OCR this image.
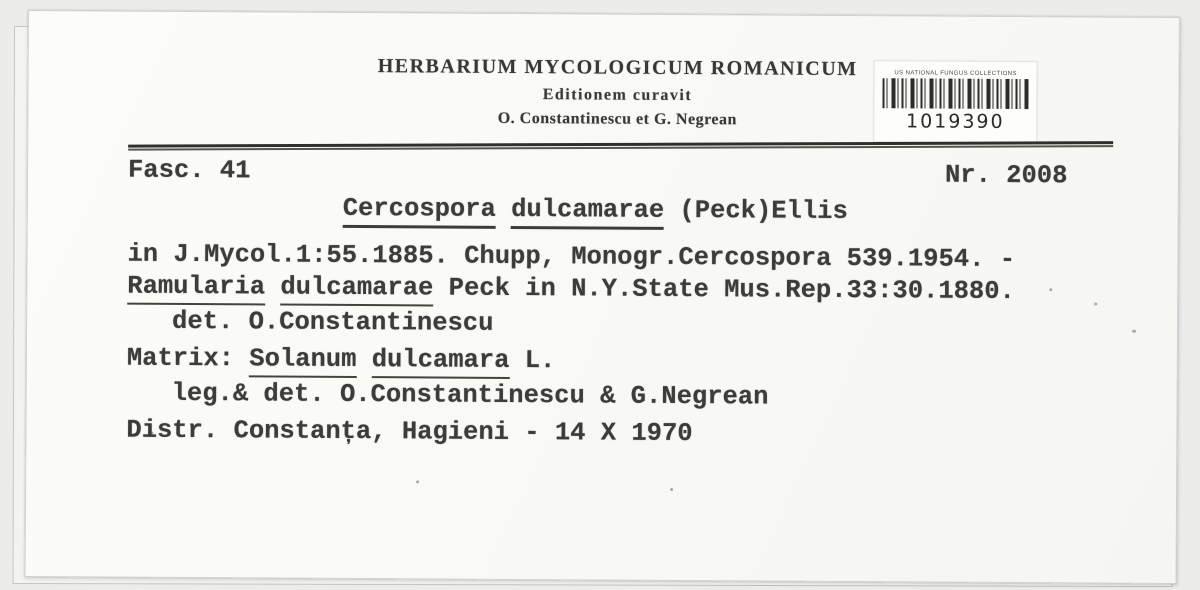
HERBARIUM MYCOLOGICUM ROMANICUM
Editionem curavit
O. Constantinescu et G. Negrean
US NATIONAL FUNGUS COLLECTIONS
1019390
Fasc. 41	Nr. 2008
Cercospora dulcamarae (Peck)Ellis
in J.Mycol.1:55.1885. Chupp, Monogr.Cercospora 539.1954. -
Ramularia dulcamarae Peck in N.Y.State Mus.Rep.33:30.1880.
det. O.Constantinescu
Matrix: Solanum dulcamara L.
leg.& det. O.Constantinescu & G.Negrean
Distr. Constanța, Hagieni - 14 X 1970
